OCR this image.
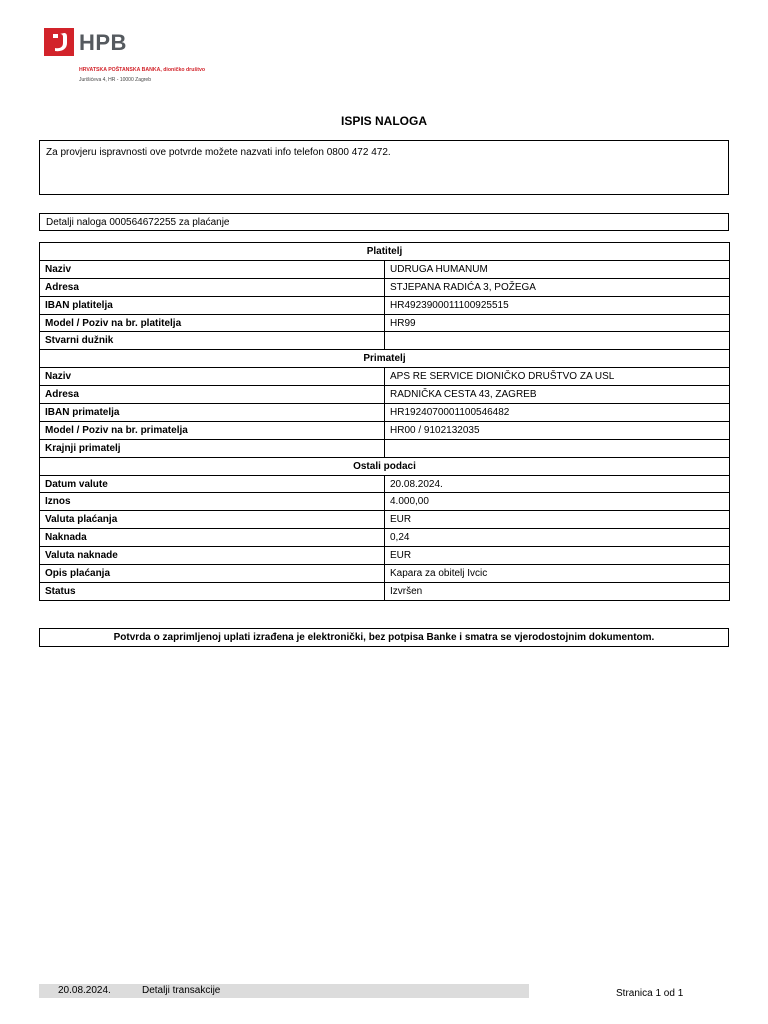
HPB
HRVATSKA POŠTANSKA BANKA, dioničko društvo
Jurišićeva 4, HR - 10000 Zagreb
ISPIS NALOGA
Za provjeru ispravnosti ove potvrde možete nazvati info telefon 0800 472 472.
Detalji naloga 000564672255 za plaćanje
Platitelj	
Naziv	UDRUGA HUMANUM
Adresa	STJEPANA RADIĆA 3, POŽEGA
IBAN platitelja	HR4923900011100925515
Model / Poziv na br. platitelja	HR99
Stvarni dužnik	
Primatelj	
Naziv	APS RE SERVICE DIONIČKO DRUŠTVO ZA USL
Adresa	RADNIČKA CESTA 43, ZAGREB
IBAN primatelja	HR1924070001100546482
Model / Poziv na br. primatelja	HR00 / 9102132035
Krajnji primatelj	
Ostali podaci	
Datum valute	20.08.2024.
Iznos	4.000,00
Valuta plaćanja	EUR
Naknada	0,24
Valuta naknade	EUR
Opis plaćanja	Kapara za obitelj Ivcic
Status	Izvršen
Potvrda o zaprimljenoj uplati izrađena je elektronički, bez potpisa Banke i smatra se vjerodostojnim dokumentom.
20.08.2024.	Detalji transakcije	Stranica 1 od 1
